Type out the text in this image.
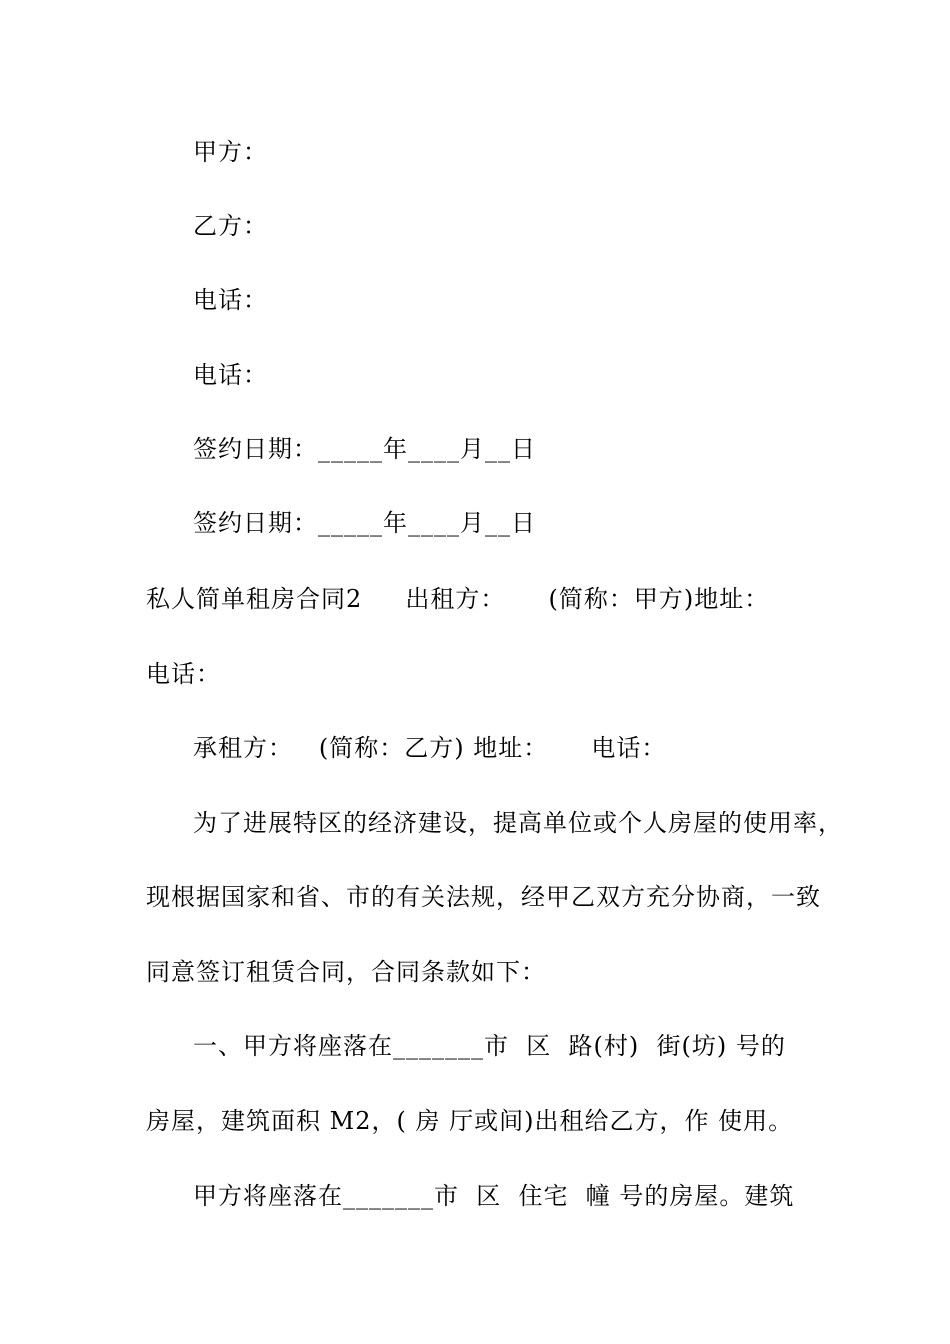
甲方：
乙方：
电话：
电话：
签约日期：_____年____月__日
签约日期：_____年____月__日
私人简单租房合同2     出租方：     (简称：甲方)地址：
电话：
承租方：   (简称：乙方) 地址：     电话：
为了进展特区的经济建设，提高单位或个人房屋的使用率，
现根据国家和省、市的有关法规，经甲乙双方充分协商，一致
同意签订租赁合同，合同条款如下：
一、甲方将座落在_______市  区  路(村)  街(坊) 号的
房屋，建筑面积 M2，( 房 厅或间)出租给乙方，作 使用。
甲方将座落在_______市  区  住宅  幢 号的房屋。建筑
